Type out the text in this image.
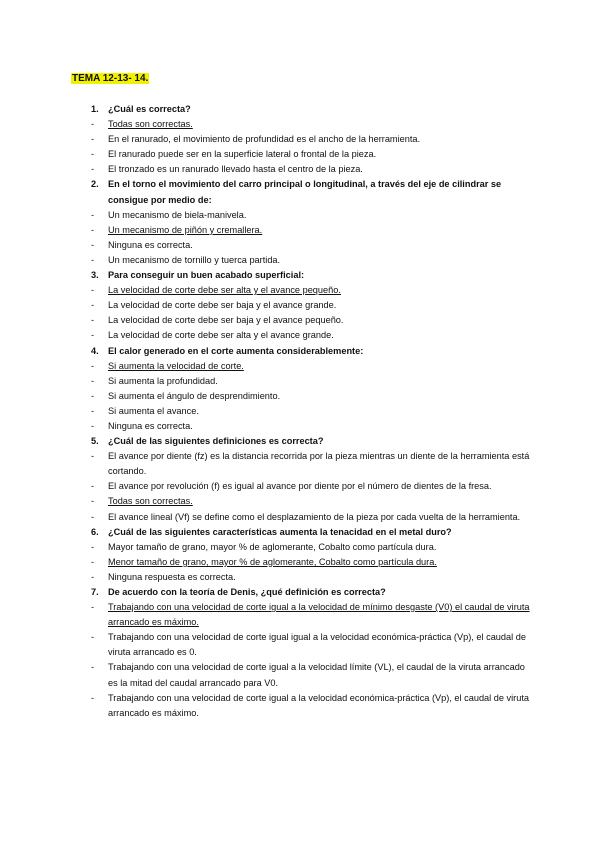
TEMA 12-13- 14.
1. ¿Cuál es correcta?
- Todas son correctas.
- En el ranurado, el movimiento de profundidad es el ancho de la herramienta.
- El ranurado puede ser en la superficie lateral o frontal de la pieza.
- El tronzado es un ranurado llevado hasta el centro de la pieza.
2. En el torno el movimiento del carro principal o longitudinal, a través del eje de cilindrar se consigue por medio de:
- Un mecanismo de biela-manivela.
- Un mecanismo de piñón y cremallera.
- Ninguna es correcta.
- Un mecanismo de tornillo y tuerca partida.
3. Para conseguir un buen acabado superficial:
- La velocidad de corte debe ser alta y el avance pequeño.
- La velocidad de corte debe ser baja y el avance grande.
- La velocidad de corte debe ser baja y el avance pequeño.
- La velocidad de corte debe ser alta y el avance grande.
4. El calor generado en el corte aumenta considerablemente:
- Si aumenta la velocidad de corte.
- Si aumenta la profundidad.
- Si aumenta el ángulo de desprendimiento.
- Si aumenta el avance.
- Ninguna es correcta.
5. ¿Cuál de las siguientes definiciones es correcta?
- El avance por diente (fz) es la distancia recorrida por la pieza mientras un diente de la herramienta está cortando.
- El avance por revolución (f) es igual al avance por diente por el número de dientes de la fresa.
- Todas son correctas.
- El avance lineal (Vf) se define como el desplazamiento de la pieza por cada vuelta de la herramienta.
6. ¿Cuál de las siguientes características aumenta la tenacidad en el metal duro?
- Mayor tamaño de grano, mayor % de aglomerante, Cobalto como partícula dura.
- Menor tamaño de grano, mayor % de aglomerante, Cobalto como partícula dura.
- Ninguna respuesta es correcta.
7. De acuerdo con la teoría de Denis, ¿qué definición es correcta?
- Trabajando con una velocidad de corte igual a la velocidad de mínimo desgaste (V0) el caudal de viruta arrancado es máximo.
- Trabajando con una velocidad de corte igual igual a la velocidad económica-práctica (Vp), el caudal de viruta arrancado es 0.
- Trabajando con una velocidad de corte igual a la velocidad límite (VL), el caudal de la viruta arrancado es la mitad del caudal arrancado para V0.
- Trabajando con una velocidad de corte igual a la velocidad económica-práctica (Vp), el caudal de viruta arrancado es máximo.
